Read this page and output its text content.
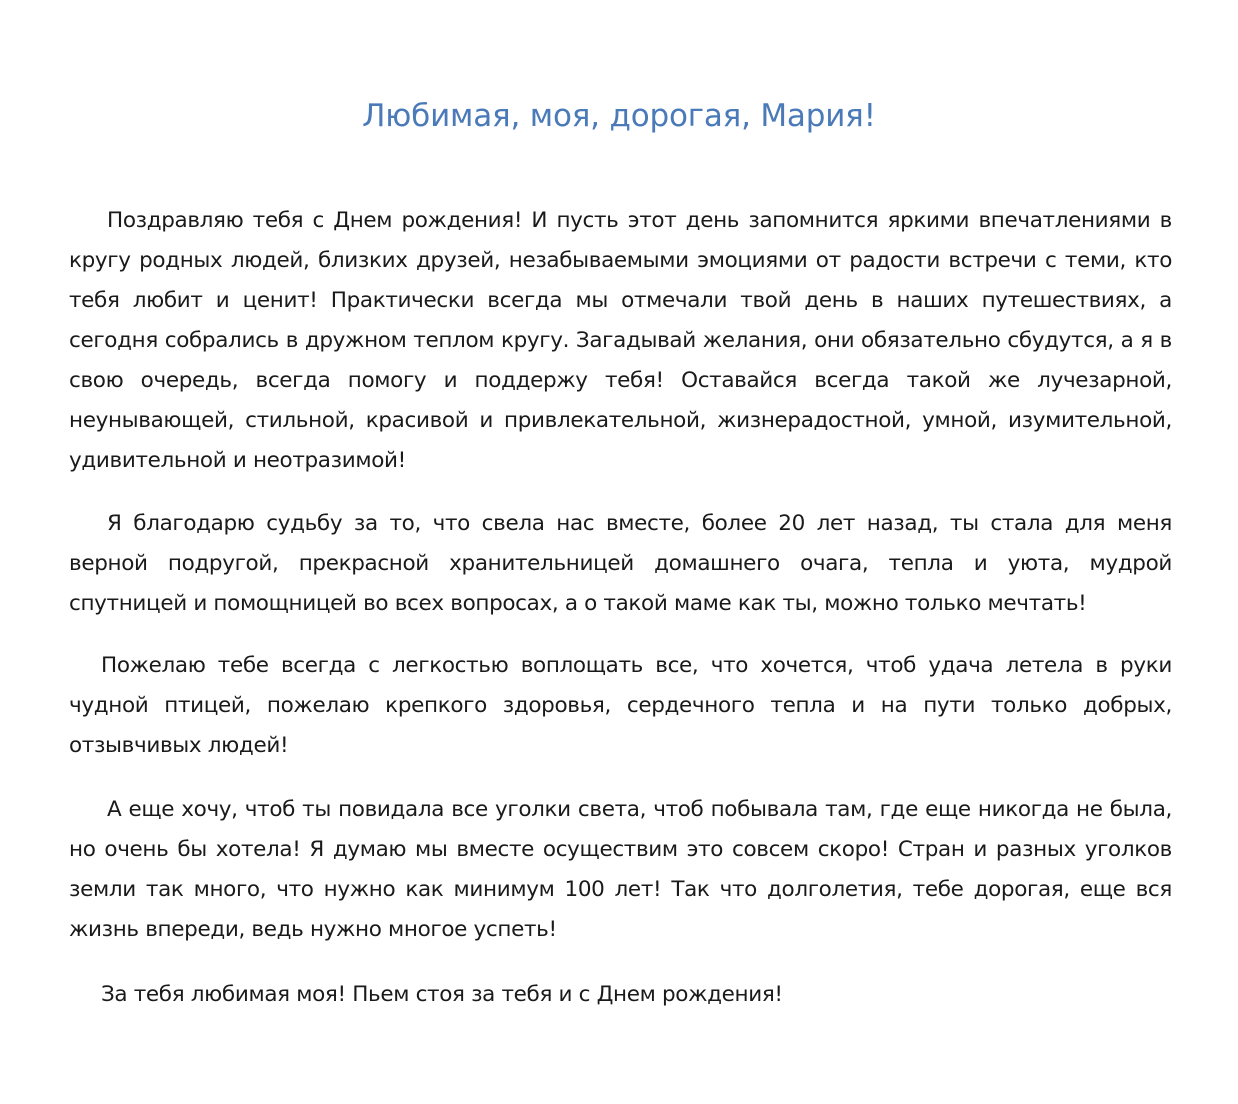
Любимая, моя, дорогая, Мария!

Поздравляю тебя с Днем рождения! И пусть этот день запомнится яркими впечатлениями в кругу родных людей, близких друзей, незабываемыми эмоциями от радости встречи с теми, кто тебя любит и ценит! Практически всегда мы отмечали твой день в наших путешествиях, а сегодня собрались в дружном теплом кругу. Загадывай желания, они обязательно сбудутся, а я в свою очередь, всегда помогу и поддержу тебя! Оставайся всегда такой же лучезарной, неунывающей, стильной, красивой и привлекательной, жизнерадостной, умной, изумительной, удивительной и неотразимой!

Я благодарю судьбу за то, что свела нас вместе, более 20 лет назад, ты стала для меня верной подругой, прекрасной хранительницей домашнего очага, тепла и уюта, мудрой спутницей и помощницей во всех вопросах, а о такой маме как ты, можно только мечтать!

Пожелаю тебе всегда с легкостью воплощать все, что хочется, чтоб удача летела в руки чудной птицей, пожелаю крепкого здоровья, сердечного тепла и на пути только добрых, отзывчивых людей!

А еще хочу, чтоб ты повидала все уголки света, чтоб побывала там, где еще никогда не была, но очень бы хотела! Я думаю мы вместе осуществим это совсем скоро! Стран и разных уголков земли так много, что нужно как минимум 100 лет! Так что долголетия, тебе дорогая, еще вся жизнь впереди, ведь нужно многое успеть!

За тебя любимая моя! Пьем стоя за тебя и с Днем рождения!
